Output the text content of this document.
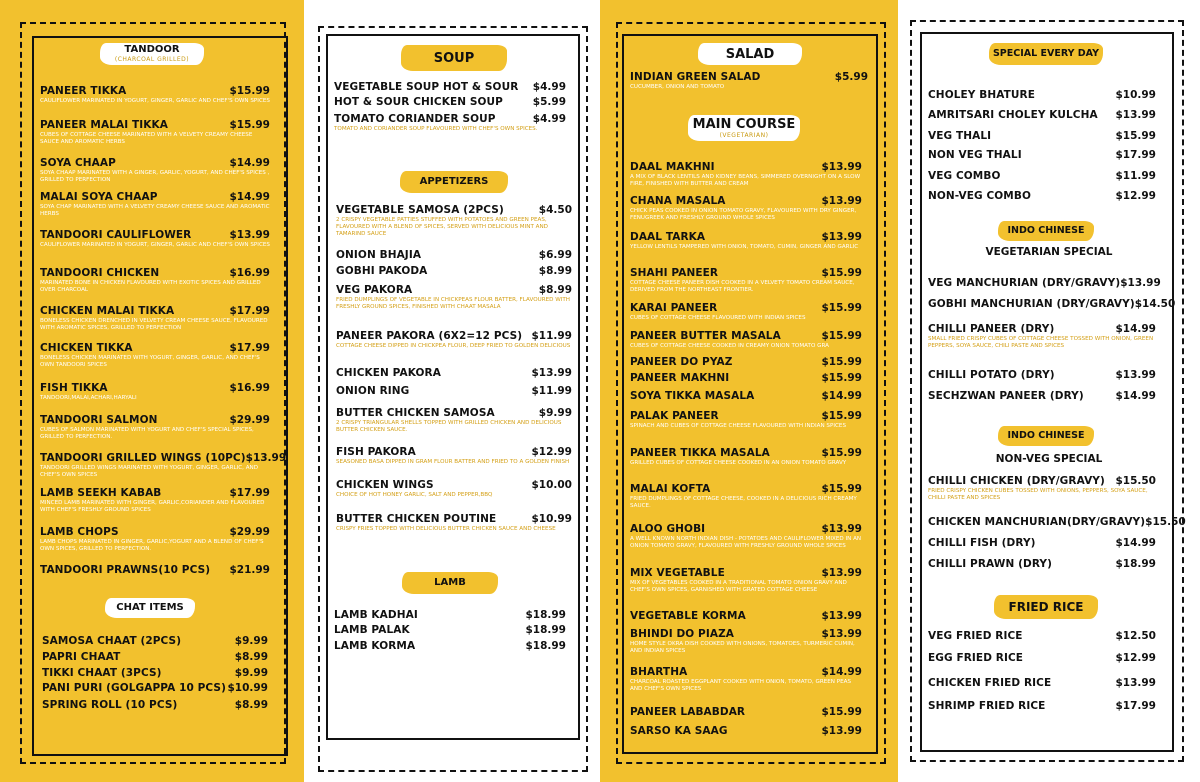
TANDOOR
(CHARCOAL GRILLED)
PANEER TIKKA	$15.99
CAULIFLOWER MARINATED IN YOGURT, GINGER, GARLIC AND CHEF'S OWN SPICES
PANEER MALAI TIKKA	$15.99
CUBES OF COTTAGE CHEESE MARINATED WITH A VELVETY CREAMY CHEESE SAUCE AND AROMATIC HERBS
SOYA CHAAP	$14.99
SOYA CHAAP MARINATED WITH A GINGER, GARLIC, YOGURT, AND CHEF'S SPICES , GRILLED TO PERFECTION
MALAI SOYA CHAAP	$14.99
SOYA CHAP MARINATED WITH A VELVETY CREAMY CHEESE SAUCE AND AROMATIC HERBS
TANDOORI CAULIFLOWER	$13.99
CAULIFLOWER MARINATED IN YOGURT, GINGER, GARLIC AND CHEF'S OWN SPICES
TANDOORI CHICKEN	$16.99
MARINATED BONE IN CHICKEN FLAVOURED WITH EXOTIC SPICES AND GRILLED OVER CHARCOAL
CHICKEN MALAI TIKKA	$17.99
BONELESS CHICKEN DRENCHED IN VELVETY CREAM CHEESE SAUCE, FLAVOURED WITH AROMATIC SPICES, GRILLED TO PERFECTION
CHICKEN TIKKA	$17.99
BONELESS CHICKEN MARINATED WITH YOGURT, GINGER, GARLIC, AND CHEF'S OWN TANDOORI SPICES
FISH TIKKA	$16.99
TANDOORI,MALAI,ACHARI,HARYALI
TANDOORI SALMON	$29.99
CUBES OF SALMON MARINATED WITH YOGURT AND CHEF'S SPECIAL SPICES, GRILLED TO PERFECTION.
TANDOORI GRILLED WINGS (10PC) $13.99
TANDOORI GRILLED WINGS MARINATED WITH YOGURT, GINGER, GARLIC, AND CHEF'S OWN SPICES
LAMB SEEKH KABAB	$17.99
MINCED LAMB MARINATED WITH GINGER, GARLIC,CORIANDER AND FLAVOURED WITH CHEF'S FRESHLY GROUND SPICES
LAMB CHOPS	$29.99
LAMB CHOPS MARINATED IN GINGER, GARLIC,YOGURT AND A BLEND OF CHEF'S OWN SPICES, GRILLED TO PERFECTION.
TANDOORI PRAWNS(10 PCS) $21.99
CHAT ITEMS
SAMOSA CHAAT (2PCS)	$9.99
PAPRI CHAAT	$8.99
TIKKI CHAAT (3PCS)	$9.99
PANI PURI (GOLGAPPA 10 PCS) $10.99
SPRING ROLL (10 PCS)	$8.99
SOUP
VEGETABLE SOUP HOT & SOUR $4.99
HOT & SOUR CHICKEN SOUP	$5.99
TOMATO CORIANDER SOUP	$4.99
TOMATO AND CORIANDER SOUP FLAVOURED WITH CHEF'S OWN SPICES.
APPETIZERS
VEGETABLE SAMOSA (2PCS)	$4.50
2 CRISPY VEGETABLE PATTIES STUFFED WITH POTATOES AND GREEN PEAS, FLAVOURED WITH A BLEND OF SPICES, SERVED WITH DELICIOUS MINT AND TAMARIND SAUCE
ONION BHAJIA	$6.99
GOBHI PAKODA	$8.99
VEG PAKORA	$8.99
FRIED DUMPLINGS OF VEGETABLE IN CHICKPEAS FLOUR BATTER, FLAVOURED WITH FRESHLY GROUND SPICES, FINISHED WITH CHAAT MASALA
PANEER PAKORA (6X2=12 PCS) $11.99
COTTAGE CHEESE DIPPED IN CHICKPEA FLOUR, DEEP FRIED TO GOLDEN DELICIOUS
CHICKEN PAKORA	$13.99
ONION RING	$11.99
BUTTER CHICKEN SAMOSA	$9.99
2 CRISPY TRIANGULAR SHELLS TOPPED WITH GRILLED CHICKEN AND DELICIOUS BUTTER CHICKEN SAUCE.
FISH PAKORA	$12.99
SEASONED BASA DIPPED IN GRAM FLOUR BATTER AND FRIED TO A GOLDEN FINISH
CHICKEN WINGS	$10.00
CHOICE OF HOT HONEY GARLIC, SALT AND PEPPER,BBQ
BUTTER CHICKEN POUTINE	$10.99
CRISPY FRIES TOPPED WITH DELICIOUS BUTTER CHICKEN SAUCE AND CHEESE
LAMB
LAMB KADHAI	$18.99
LAMB PALAK	$18.99
LAMB KORMA	$18.99
SALAD
INDIAN GREEN SALAD	$5.99
CUCUMBER, ONION AND TOMATO
MAIN COURSE
(VEGETARIAN)
DAAL MAKHNI	$13.99
A MIX OF BLACK LENTILS AND KIDNEY BEANS, SIMMERED OVERNIGHT ON A SLOW FIRE, FINISHED WITH BUTTER AND CREAM
CHANA MASALA	$13.99
CHICK PEAS COOKED IN ONION TOMATO GRAVY, FLAVOURED WITH DRY GINGER, FENUGREEK AND FRESHLY GROUND WHOLE SPICES
DAAL TARKA	$13.99
YELLOW LENTILS TAMPERED WITH ONION, TOMATO, CUMIN, GINGER AND GARLIC
SHAHI PANEER	$15.99
COTTAGE CHEESE PANEER DISH COOKED IN A VELVETY TOMATO CREAM SAUCE, DERIVED FROM THE NORTHEAST FRONTIER.
KARAI PANEER	$15.99
CUBES OF COTTAGE CHEESE FLAVOURED WITH INDIAN SPICES
PANEER BUTTER MASALA	$15.99
CUBES OF COTTAGE CHEESE COOKED IN CREAMY ONION TOMATO GRA
PANEER DO PYAZ	$15.99
PANEER MAKHNI	$15.99
SOYA TIKKA MASALA	$14.99
PALAK PANEER	$15.99
SPINACH AND CUBES OF COTTAGE CHEESE FLAVOURED WITH INDIAN SPICES
PANEER TIKKA MASALA	$15.99
GRILLED CUBES OF COTTAGE CHEESE COOKED IN AN ONION TOMATO GRAVY
MALAI KOFTA	$15.99
FRIED DUMPLINGS OF COTTAGE CHEESE, COOKED IN A DELICIOUS RICH CREAMY SAUCE.
ALOO GHOBI	$13.99
A WELL KNOWN NORTH INDIAN DISH - POTATOES AND CAULIFLOWER MIXED IN AN ONION TOMATO GRAVY, FLAVOURED WITH FRESHLY GROUND WHOLE SPICES
MIX VEGETABLE	$13.99
MIX OF VEGETABLES COOKED IN A TRADITIONAL TOMATO ONION GRAVY AND CHEF'S OWN SPICES, GARNISHED WITH GRATED COTTAGE CHEESE
VEGETABLE KORMA	$13.99
BHINDI DO PIAZA	$13.99
HOME STYLE OKRA DISH COOKED WITH ONIONS, TOMATOES, TURMERIC CUMIN, AND INDIAN SPICES
BHARTHA	$14.99
CHARCOAL ROASTED EGGPLANT COOKED WITH ONION, TOMATO, GREEN PEAS AND CHEF'S OWN SPICES
PANEER LABABDAR	$15.99
SARSO KA SAAG	$13.99
SPECIAL EVERY DAY
CHOLEY BHATURE	$10.99
AMRITSARI CHOLEY KULCHA $13.99
VEG THALI	$15.99
NON VEG THALI	$17.99
VEG COMBO	$11.99
NON-VEG COMBO	$12.99
INDO CHINESE
VEGETARIAN SPECIAL
VEG MANCHURIAN (DRY/GRAVY) $13.99
GOBHI MANCHURIAN (DRY/GRAVY) $14.50
CHILLI PANEER (DRY)	$14.99
SMALL FRIED CRISPY CUBES OF COTTAGE CHEESE TOSSED WITH ONION, GREEN PEPPERS, SOYA SAUCE, CHILI PASTE AND SPICES
CHILLI POTATO (DRY)	$13.99
SECHZWAN PANEER (DRY)	$14.99
INDO CHINESE
NON-VEG SPECIAL
CHILLI CHICKEN (DRY/GRAVY) $15.50
FRIED CRISPY CHICKEN CUBES TOSSED WITH ONIONS, PEPPERS, SOYA SAUCE, CHILLI PASTE AND SPICES
CHICKEN MANCHURIAN(DRY/GRAVY) $15.50
CHILLI FISH (DRY)	$14.99
CHILLI PRAWN (DRY)	$18.99
FRIED RICE
VEG FRIED RICE	$12.50
EGG FRIED RICE	$12.99
CHICKEN FRIED RICE	$13.99
SHRIMP FRIED RICE	$17.99
